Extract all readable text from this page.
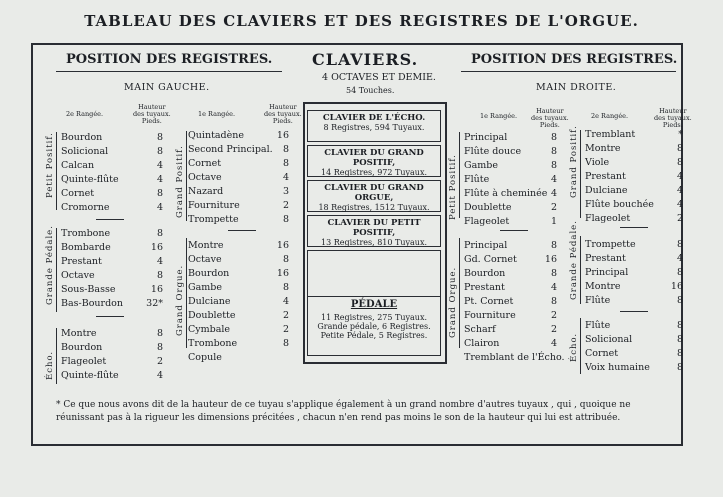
TABLEAU DES CLAVIERS ET DES REGISTRES DE L'ORGUE.
POSITION DES REGISTRES.
MAIN GAUCHE.
POSITION DES REGISTRES.
MAIN DROITE.
CLAVIERS.
4 OCTAVES ET DEMIE.
54 Touches.
2e Rangée.
Hauteur
des tuyaux.
Pieds.
1e Rangée.
Hauteur
des tuyaux.
Pieds.
1e Rangée.
Hauteur
des tuyaux.
Pieds.
2e Rangée.
Hauteur
des tuyaux.
Pieds.
Petit Positif.
Grande Pédale.
Écho.
Grand Positif.
Grand Orgue.
Petit Positif.
Grand Orgue.
Grand Positif.
Grande Pédale.
Écho.
Bourdon	8
Solicional	8
Calcan	4
Quinte-flûte	4
Cornet	8
Cromorne	4
Trombone	8
Bombarde	16
Prestant	4
Octave	8
Sous-Basse	16
Bas-Bourdon	32*
Montre	8
Bourdon	8
Flageolet	2
Quinte-flûte	4
Quintadène	16
Second Principal.	8
Cornet	8
Octave	4
Nazard	3
Fourniture	2
Trompette	8
Montre	16
Octave	8
Bourdon	16
Gambe	8
Dulciane	4
Doublette	2
Cymbale	2
Trombone	8
Copule
Principal	8
Flûte douce	8
Gambe	8
Flûte	4
Flûte à cheminée 4
Doublette	2
Flageolet	1
Principal	8
Gd. Cornet	16
Bourdon	8
Prestant	4
Pt. Cornet	8
Fourniture	2
Scharf	2
Clairon	4
Tremblant de l'Écho.
Tremblant	*
Montre	8
Viole	8
Prestant	4
Dulciane	4
Flûte bouchée	4
Flageolet	2
Trompette	8
Prestant	4
Principal	8
Montre	16
Flûte	8
Flûte	8
Solicional	8
Cornet	8
Voix humaine	8
CLAVIER DE L'ÉCHO.
8 Registres, 594 Tuyaux.
CLAVIER DU GRAND POSITIF,
14 Registres, 972 Tuyaux.
CLAVIER DU GRAND ORGUE,
18 Registres, 1512 Tuyaux.
CLAVIER DU PETIT POSITIF,
13 Registres, 810 Tuyaux.
PÉDALE
11 Registres, 275 Tuyaux.
Grande pédale, 6 Registres.
Petite Pédale, 5 Registres.
* Ce que nous avons dit de la hauteur de ce tuyau s'applique également à un grand nombre d'autres tuyaux , qui , quoique ne réunissant pas à la rigueur les dimensions précitées , chacun n'en rend pas moins le son de la hauteur qui lui est attribuée.
